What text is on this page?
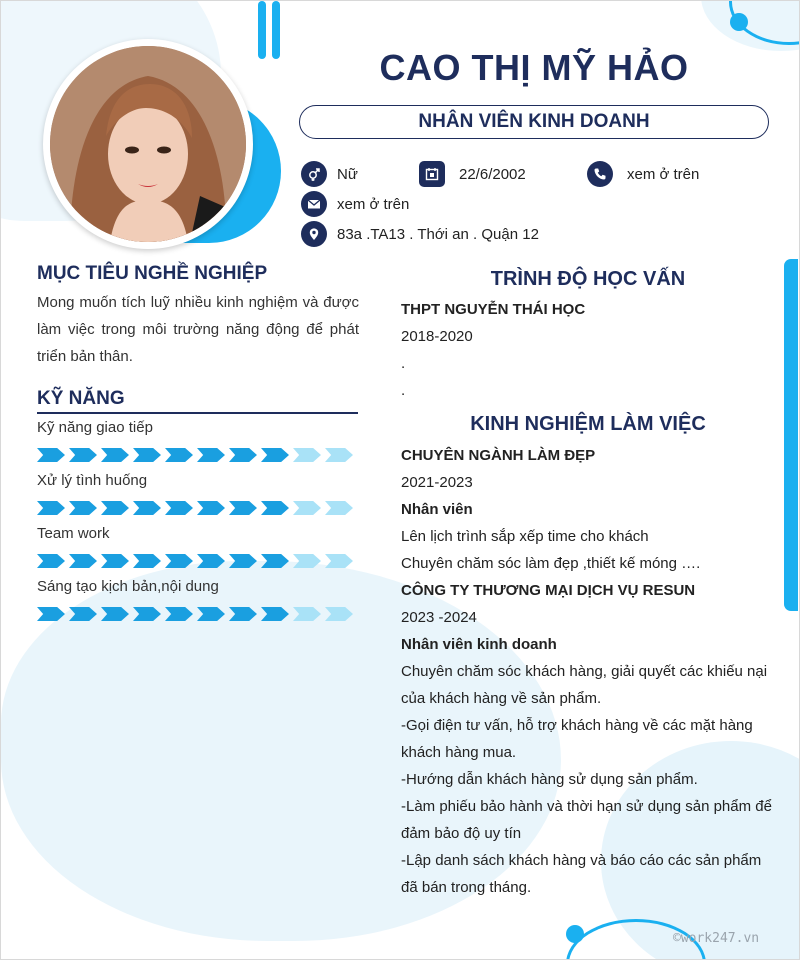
CAO THỊ MỸ HẢO
NHÂN VIÊN KINH DOANH
Nữ	22/6/2002	xem ở trên
xem ở trên
83a .TA13 . Thới an . Quận 12
MỤC TIÊU NGHỀ NGHIỆP
Mong muốn tích luỹ nhiều kinh nghiệm và được làm việc trong môi trường năng động để phát triển bản thân.
KỸ NĂNG
Kỹ năng giao tiếp
Xử lý tình huống
Team work
Sáng tạo kịch bản,nội dung
TRÌNH ĐỘ HỌC VẤN
THPT NGUYỄN THÁI HỌC
2018-2020
.
.
KINH NGHIỆM LÀM VIỆC
CHUYÊN NGÀNH LÀM ĐẸP
2021-2023
Nhân viên
Lên lịch trình sắp xếp time cho khách
Chuyên chăm sóc làm đẹp ,thiết kế móng ….
CÔNG TY THƯƠNG MẠI DỊCH VỤ RESUN
2023 -2024
Nhân viên kinh doanh
Chuyên chăm sóc khách hàng, giải quyết các khiếu nại
của khách hàng về sản phẩm.
-Gọi điện tư vấn, hỗ trợ khách hàng về các mặt hàng
khách hàng mua.
-Hướng dẫn khách hàng sử dụng sản phẩm.
-Làm phiếu bảo hành và thời hạn sử dụng sản phẩm để
đảm bảo độ uy tín
-Lập danh sách khách hàng và báo cáo các sản phẩm
đã bán trong tháng.
©work247.vn
